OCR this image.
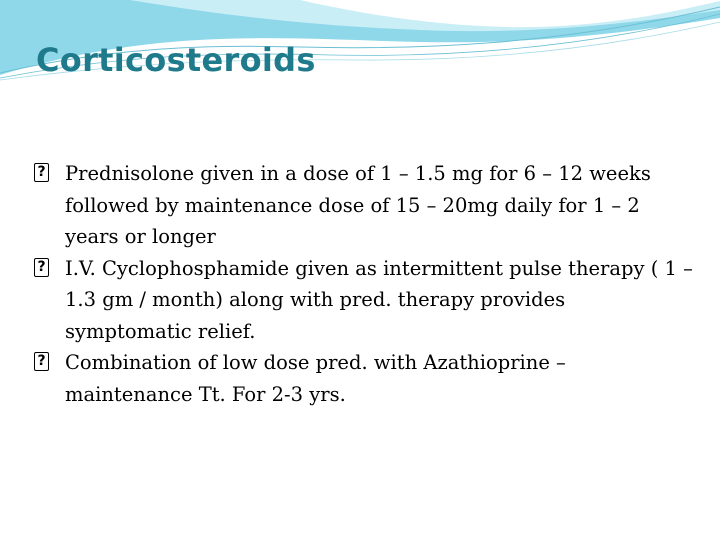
Corticosteroids
?
Prednisolone given in a dose of 1 – 1.5 mg for 6 – 12 weeks followed by maintenance dose of 15 – 20mg daily for 1 – 2 years or longer
?
I.V. Cyclophosphamide given as intermittent pulse therapy ( 1 – 1.3 gm / month) along with pred. therapy provides symptomatic relief.
?
Combination of low dose pred. with Azathioprine – maintenance Tt. For 2-3 yrs.
